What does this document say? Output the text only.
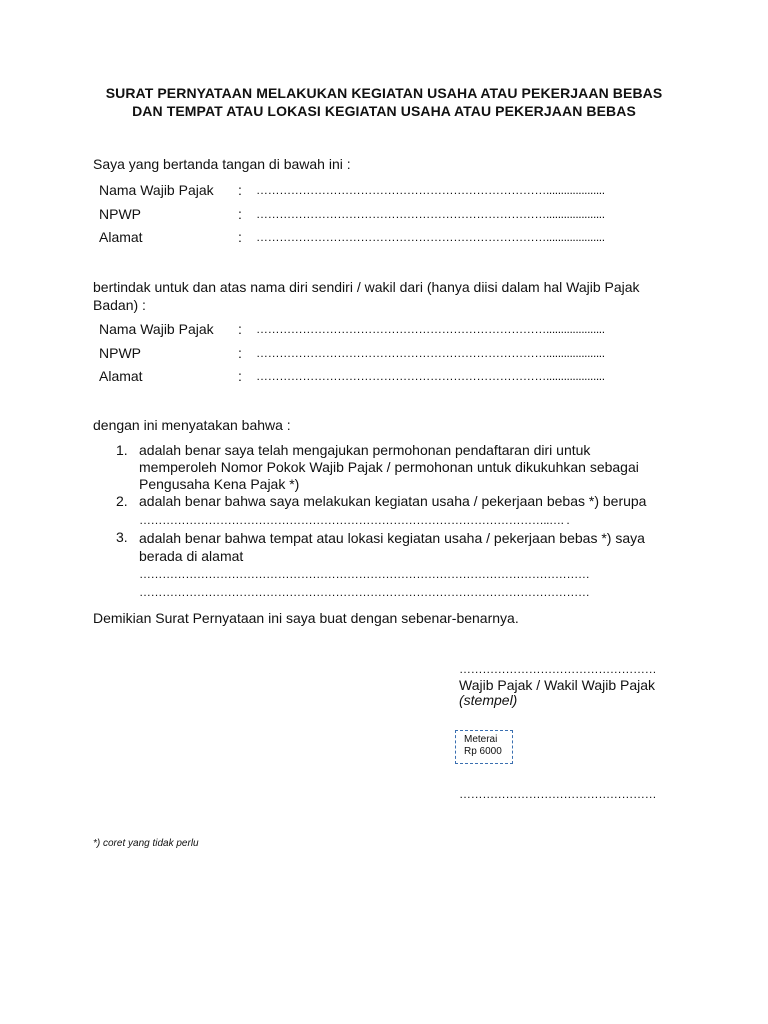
SURAT PERNYATAAN MELAKUKAN KEGIATAN USAHA ATAU PEKERJAAN BEBAS
DAN TEMPAT ATAU LOKASI KEGIATAN USAHA ATAU PEKERJAAN BEBAS
Saya yang bertanda tangan di bawah ini :
Nama Wajib Pajak : …………………………………………………………………....................
NPWP	: …………………………………………………………………....................
Alamat	: …………………………………………………………………....................
bertindak untuk dan atas nama diri sendiri / wakil dari (hanya diisi dalam hal Wajib Pajak Badan) :
Nama Wajib Pajak : …………………………………………………………………....................
NPWP	: …………………………………………………………………....................
Alamat	: …………………………………………………………………....................
dengan ini menyatakan bahwa :
1. adalah benar saya telah mengajukan permohonan pendaftaran diri untuk memperoleh Nomor Pokok Wajib Pajak / permohonan untuk dikukuhkan sebagai Pengusaha Kena Pajak *)
2. adalah benar bahwa saya melakukan kegiatan usaha / pekerjaan bebas *) berupa
……………………………………………………………………………………………..…. .
3. adalah benar bahwa tempat atau lokasi kegiatan usaha / pekerjaan bebas *) saya berada di alamat
………………………………………………………………………………………………………
………………………………………………………………………………………………………
Demikian Surat Pernyataan ini saya buat dengan sebenar-benarnya.
……………………………………………
Wajib Pajak / Wakil Wajib Pajak
(stempel)
Meterai
Rp 6000
……………………………………………
*) coret yang tidak perlu
